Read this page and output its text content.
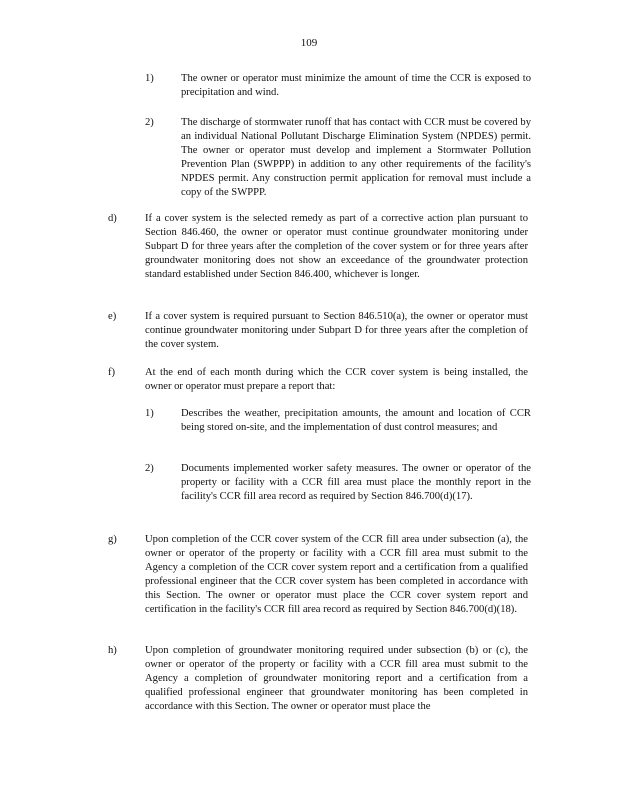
109
1)	The owner or operator must minimize the amount of time the CCR is exposed to precipitation and wind.
2)	The discharge of stormwater runoff that has contact with CCR must be covered by an individual National Pollutant Discharge Elimination System (NPDES) permit. The owner or operator must develop and implement a Stormwater Pollution Prevention Plan (SWPPP) in addition to any other requirements of the facility's NPDES permit. Any construction permit application for removal must include a copy of the SWPPP.
d)	If a cover system is the selected remedy as part of a corrective action plan pursuant to Section 846.460, the owner or operator must continue groundwater monitoring under Subpart D for three years after the completion of the cover system or for three years after groundwater monitoring does not show an exceedance of the groundwater protection standard established under Section 846.400, whichever is longer.
e)	If a cover system is required pursuant to Section 846.510(a), the owner or operator must continue groundwater monitoring under Subpart D for three years after the completion of the cover system.
f)	At the end of each month during which the CCR cover system is being installed, the owner or operator must prepare a report that:
1)	Describes the weather, precipitation amounts, the amount and location of CCR being stored on-site, and the implementation of dust control measures; and
2)	Documents implemented worker safety measures. The owner or operator of the property or facility with a CCR fill area must place the monthly report in the facility's CCR fill area record as required by Section 846.700(d)(17).
g)	Upon completion of the CCR cover system of the CCR fill area under subsection (a), the owner or operator of the property or facility with a CCR fill area must submit to the Agency a completion of the CCR cover system report and a certification from a qualified professional engineer that the CCR cover system has been completed in accordance with this Section. The owner or operator must place the CCR cover system report and certification in the facility's CCR fill area record as required by Section 846.700(d)(18).
h)	Upon completion of groundwater monitoring required under subsection (b) or (c), the owner or operator of the property or facility with a CCR fill area must submit to the Agency a completion of groundwater monitoring report and a certification from a qualified professional engineer that groundwater monitoring has been completed in accordance with this Section. The owner or operator must place the
